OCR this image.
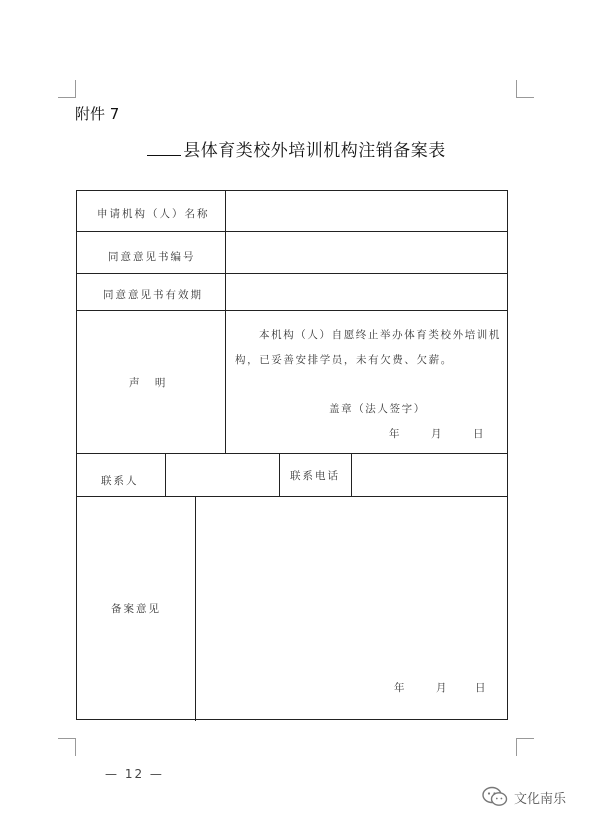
附件 7
县体育类校外培训机构注销备案表
申请机构（人）名称
同意意见书编号
同意意见书有效期
声 明
本机构（人）自愿终止举办体育类校外培训机
构，已妥善安排学员，未有欠费、欠薪。
盖章（法人签字）
年	月	日
联系人	联系电话
备案意见
年	月	日
— 12 —
文化南乐
